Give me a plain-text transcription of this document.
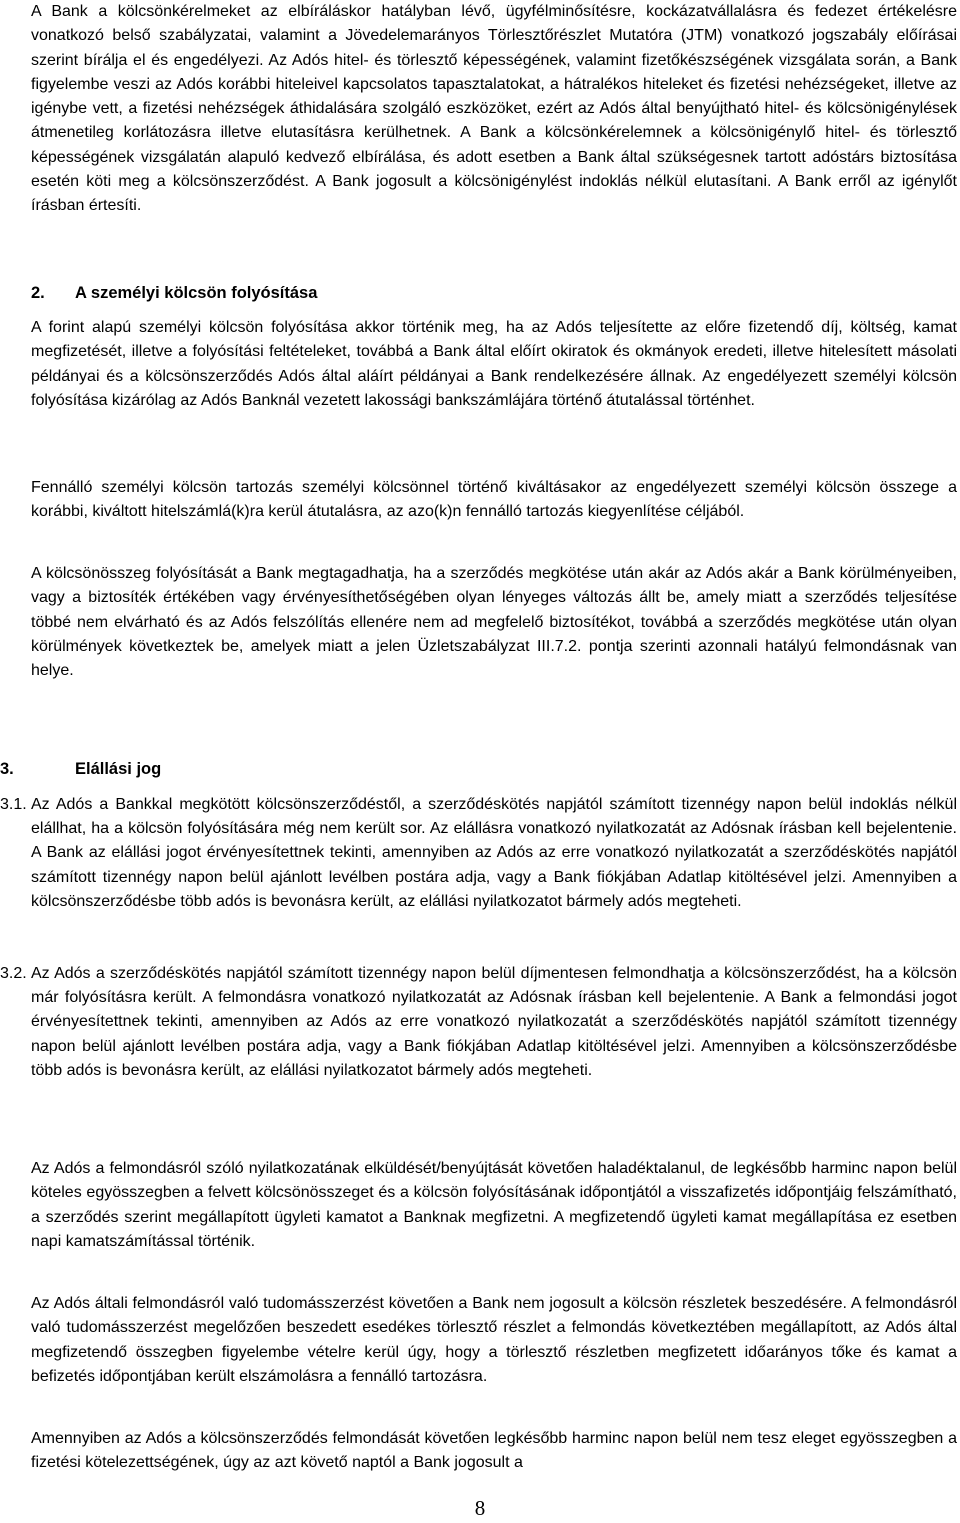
A Bank a kölcsönkérelmeket az elbíráláskor hatályban lévő, ügyfélminősítésre, kockázatvállalásra és fedezet értékelésre vonatkozó belső szabályzatai, valamint a Jövedelemarányos Törlesztőrészlet Mutatóra (JTM) vonatkozó jogszabály előírásai szerint bírálja el és engedélyezi. Az Adós hitel- és törlesztő képességének, valamint fizetőkészségének vizsgálata során, a Bank figyelembe veszi az Adós korábbi hiteleivel kapcsolatos tapasztalatokat, a hátralékos hiteleket és fizetési nehézségeket, illetve az igénybe vett, a fizetési nehézségek áthidalására szolgáló eszközöket, ezért az Adós által benyújtható hitel- és kölcsönigénylések átmenetileg korlátozásra illetve elutasításra kerülhetnek. A Bank a kölcsönkérelemnek a kölcsönigénylő hitel- és törlesztő képességének vizsgálatán alapuló kedvező elbírálása, és adott esetben a Bank által szükségesnek tartott adóstárs biztosítása esetén köti meg a kölcsönszerződést. A Bank jogosult a kölcsönigénylést indoklás nélkül elutasítani. A Bank erről az igénylőt írásban értesíti.

2. A személyi kölcsön folyósítása

A forint alapú személyi kölcsön folyósítása akkor történik meg, ha az Adós teljesítette az előre fizetendő díj, költség, kamat megfizetését, illetve a folyósítási feltételeket, továbbá a Bank által előírt okiratok és okmányok eredeti, illetve hitelesített másolati példányai és a kölcsönszerződés Adós által aláírt példányai a Bank rendelkezésére állnak. Az engedélyezett személyi kölcsön folyósítása kizárólag az Adós Banknál vezetett lakossági bankszámlájára történő átutalással történhet.

Fennálló személyi kölcsön tartozás személyi kölcsönnel történő kiváltásakor az engedélyezett személyi kölcsön összege a korábbi, kiváltott hitelszámlá(k)ra kerül átutalásra, az azo(k)n fennálló tartozás kiegyenlítése céljából.

A kölcsönösszeg folyósítását a Bank megtagadhatja, ha a szerződés megkötése után akár az Adós akár a Bank körülményeiben, vagy a biztosíték értékében vagy érvényesíthetőségében olyan lényeges változás állt be, amely miatt a szerződés teljesítése többé nem elvárható és az Adós felszólítás ellenére nem ad megfelelő biztosítékot, továbbá a szerződés megkötése után olyan körülmények következtek be, amelyek miatt a jelen Üzletszabályzat III.7.2. pontja szerinti azonnali hatályú felmondásnak van helye.

3.	Elállási jog
3.1. Az Adós a Bankkal megkötött kölcsönszerződéstől, a szerződéskötés napjától számított tizennégy napon belül indoklás nélkül elállhat, ha a kölcsön folyósítására még nem került sor. Az elállásra vonatkozó nyilatkozatát az Adósnak írásban kell bejelentenie. A Bank az elállási jogot érvényesítettnek tekinti, amennyiben az Adós az erre vonatkozó nyilatkozatát a szerződéskötés napjától számított tizennégy napon belül ajánlott levélben postára adja, vagy a Bank fiókjában Adatlap kitöltésével jelzi. Amennyiben a kölcsönszerződésbe több adós is bevonásra került, az elállási nyilatkozatot bármely adós megteheti.
3.2. Az Adós a szerződéskötés napjától számított tizennégy napon belül díjmentesen felmondhatja a kölcsönszerződést, ha a kölcsön már folyósításra került. A felmondásra vonatkozó nyilatkozatát az Adósnak írásban kell bejelentenie. A Bank a felmondási jogot érvényesítettnek tekinti, amennyiben az Adós az erre vonatkozó nyilatkozatát a szerződéskötés napjától számított tizennégy napon belül ajánlott levélben postára adja, vagy a Bank fiókjában Adatlap kitöltésével jelzi. Amennyiben a kölcsönszerződésbe több adós is bevonásra került, az elállási nyilatkozatot bármely adós megteheti.

Az Adós a felmondásról szóló nyilatkozatának elküldését/benyújtását követően haladéktalanul, de legkésőbb harminc napon belül köteles egyösszegben a felvett kölcsönösszeget és a kölcsön folyósításának időpontjától a visszafizetés időpontjáig felszámítható, a szerződés szerint megállapított ügyleti kamatot a Banknak megfizetni. A megfizetendő ügyleti kamat megállapítása ez esetben napi kamatszámítással történik.

Az Adós általi felmondásról való tudomásszerzést követően a Bank nem jogosult a kölcsön részletek beszedésére. A felmondásról való tudomásszerzést megelőzően beszedett esedékes törlesztő részlet a felmondás következtében megállapított, az Adós által megfizetendő összegben figyelembe vételre kerül úgy, hogy a törlesztő részletben megfizetett időarányos tőke és kamat a befizetés időpontjában került elszámolásra a fennálló tartozásra.

Amennyiben az Adós a kölcsönszerződés felmondását követően legkésőbb harminc napon belül nem tesz eleget egyösszegben a fizetési kötelezettségének, úgy az azt követő naptól a Bank jogosult a

8
